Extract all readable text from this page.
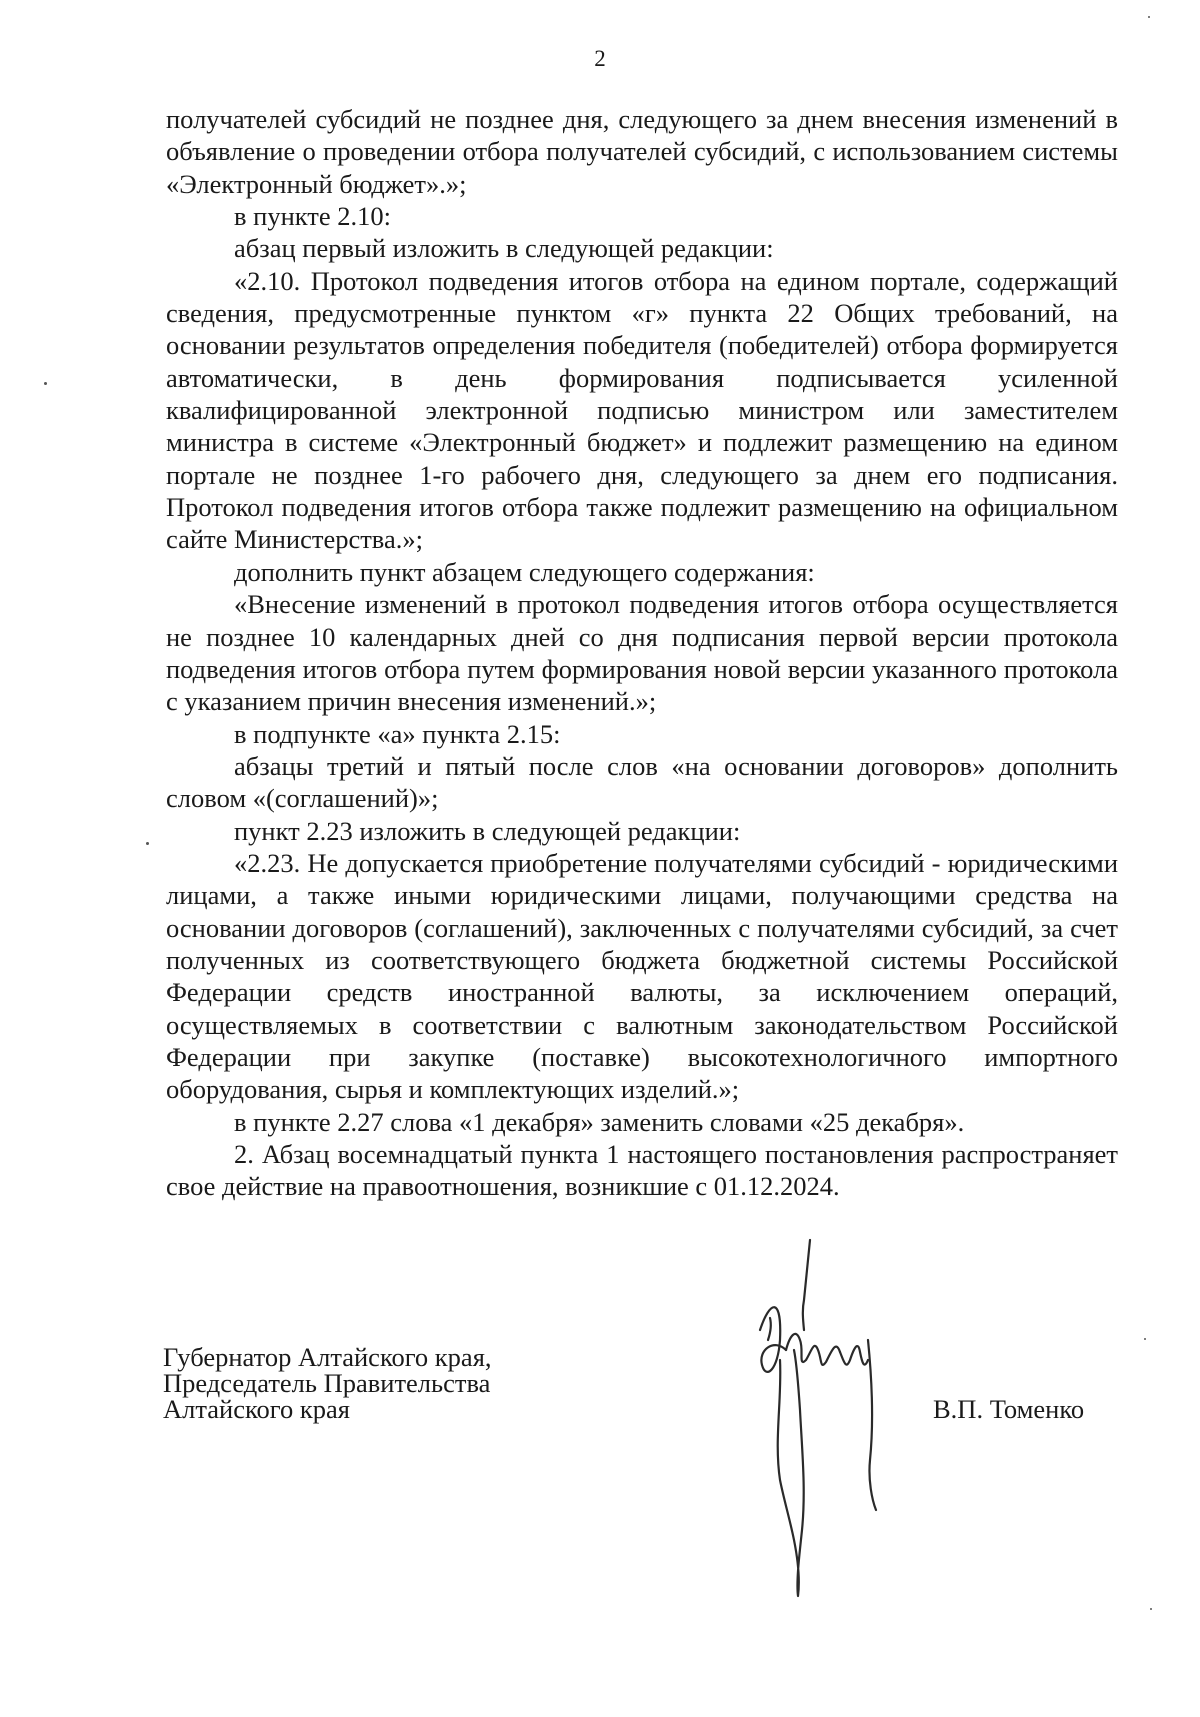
2

получателей субсидий не позднее дня, следующего за днем внесения изменений в объявление о проведении отбора получателей субсидий, с использованием системы «Электронный бюджет».»;

в пункте 2.10:

абзац первый изложить в следующей редакции:

«2.10. Протокол подведения итогов отбора на едином портале, содержащий сведения, предусмотренные пунктом «г» пункта 22 Общих требований, на основании результатов определения победителя (победителей) отбора формируется автоматически, в день формирования подписывается усиленной квалифицированной электронной подписью министром или заместителем министра в системе «Электронный бюджет» и подлежит размещению на едином портале не позднее 1-го рабочего дня, следующего за днем его подписания. Протокол подведения итогов отбора также подлежит размещению на официальном сайте Министерства.»;

дополнить пункт абзацем следующего содержания:

«Внесение изменений в протокол подведения итогов отбора осуществляется не позднее 10 календарных дней со дня подписания первой версии протокола подведения итогов отбора путем формирования новой версии указанного протокола с указанием причин внесения изменений.»;

в подпункте «а» пункта 2.15:

абзацы третий и пятый после слов «на основании договоров» дополнить словом «(соглашений)»;

пункт 2.23 изложить в следующей редакции:

«2.23. Не допускается приобретение получателями субсидий - юридическими лицами, а также иными юридическими лицами, получающими средства на основании договоров (соглашений), заключенных с получателями субсидий, за счет полученных из соответствующего бюджета бюджетной системы Российской Федерации средств иностранной валюты, за исключением операций, осуществляемых в соответствии с валютным законодательством Российской Федерации при закупке (поставке) высокотехнологичного импортного оборудования, сырья и комплектующих изделий.»;

в пункте 2.27 слова «1 декабря» заменить словами «25 декабря».

2. Абзац восемнадцатый пункта 1 настоящего постановления распространяет свое действие на правоотношения, возникшие с 01.12.2024.

Губернатор Алтайского края,
Председатель Правительства
Алтайского края	В.П. Томенко
